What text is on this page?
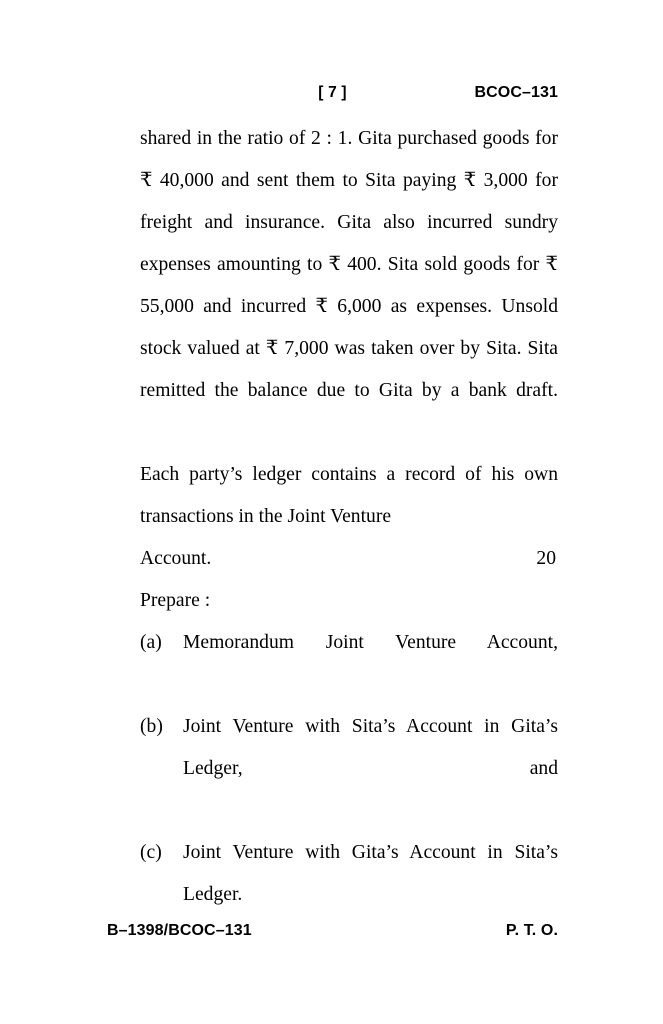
[ 7 ]	BCOC–131

shared in the ratio of 2 : 1. Gita purchased goods for ₹ 40,000 and sent them to Sita paying ₹ 3,000 for freight and insurance. Gita also incurred sundry expenses amounting to ₹ 400. Sita sold goods for ₹ 55,000 and incurred ₹ 6,000 as expenses. Unsold stock valued at ₹ 7,000 was taken over by Sita. Sita remitted the balance due to Gita by a bank draft.

Each party’s ledger contains a record of his own transactions in the Joint Venture

Account.	20

Prepare :

(a) Memorandum Joint Venture Account,
(b) Joint Venture with Sita’s Account in Gita’s Ledger, and
(c) Joint Venture with Gita’s Account in Sita’s Ledger.
B–1398/BCOC–131	P. T. O.
